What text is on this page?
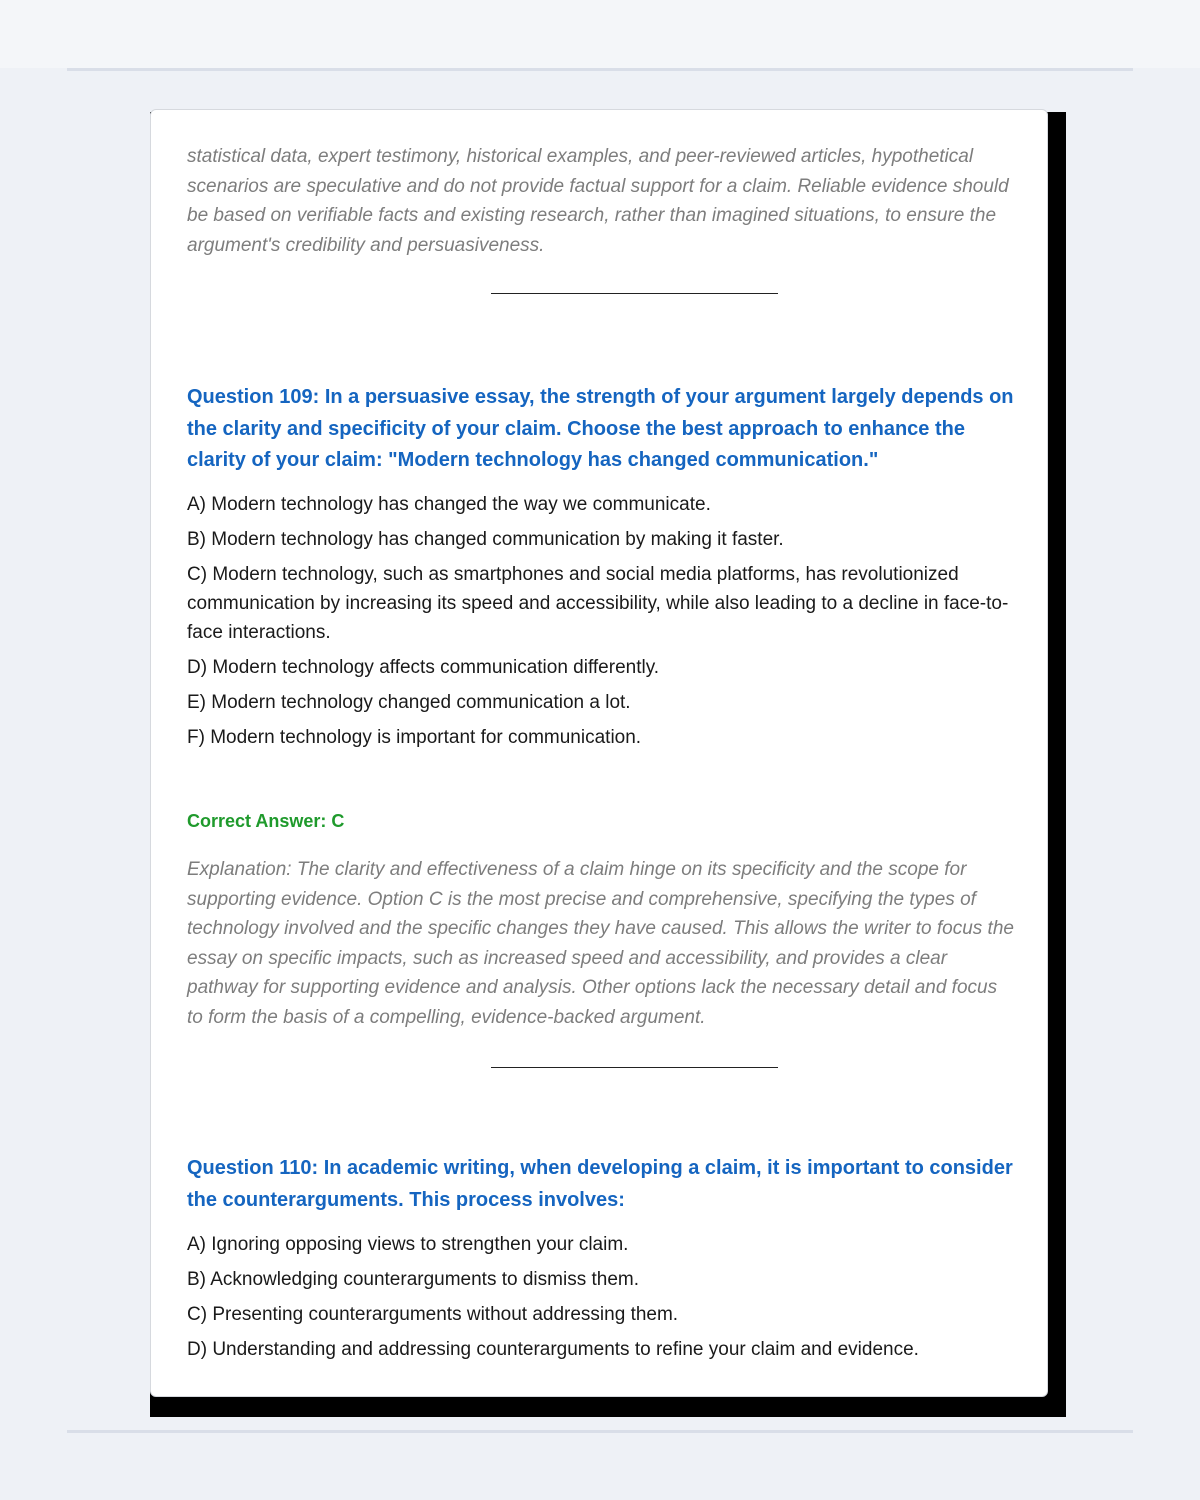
statistical data, expert testimony, historical examples, and peer-reviewed articles, hypothetical scenarios are speculative and do not provide factual support for a claim. Reliable evidence should be based on verifiable facts and existing research, rather than imagined situations, to ensure the argument's credibility and persuasiveness.

Question 109: In a persuasive essay, the strength of your argument largely depends on the clarity and specificity of your claim. Choose the best approach to enhance the clarity of your claim: "Modern technology has changed communication."

A) Modern technology has changed the way we communicate.
B) Modern technology has changed communication by making it faster.
C) Modern technology, such as smartphones and social media platforms, has revolutionized communication by increasing its speed and accessibility, while also leading to a decline in face-to-face interactions.
D) Modern technology affects communication differently.
E) Modern technology changed communication a lot.
F) Modern technology is important for communication.

Correct Answer: C

Explanation: The clarity and effectiveness of a claim hinge on its specificity and the scope for supporting evidence. Option C is the most precise and comprehensive, specifying the types of technology involved and the specific changes they have caused. This allows the writer to focus the essay on specific impacts, such as increased speed and accessibility, and provides a clear pathway for supporting evidence and analysis. Other options lack the necessary detail and focus to form the basis of a compelling, evidence-backed argument.

Question 110: In academic writing, when developing a claim, it is important to consider the counterarguments. This process involves:

A) Ignoring opposing views to strengthen your claim.
B) Acknowledging counterarguments to dismiss them.
C) Presenting counterarguments without addressing them.
D) Understanding and addressing counterarguments to refine your claim and evidence.
